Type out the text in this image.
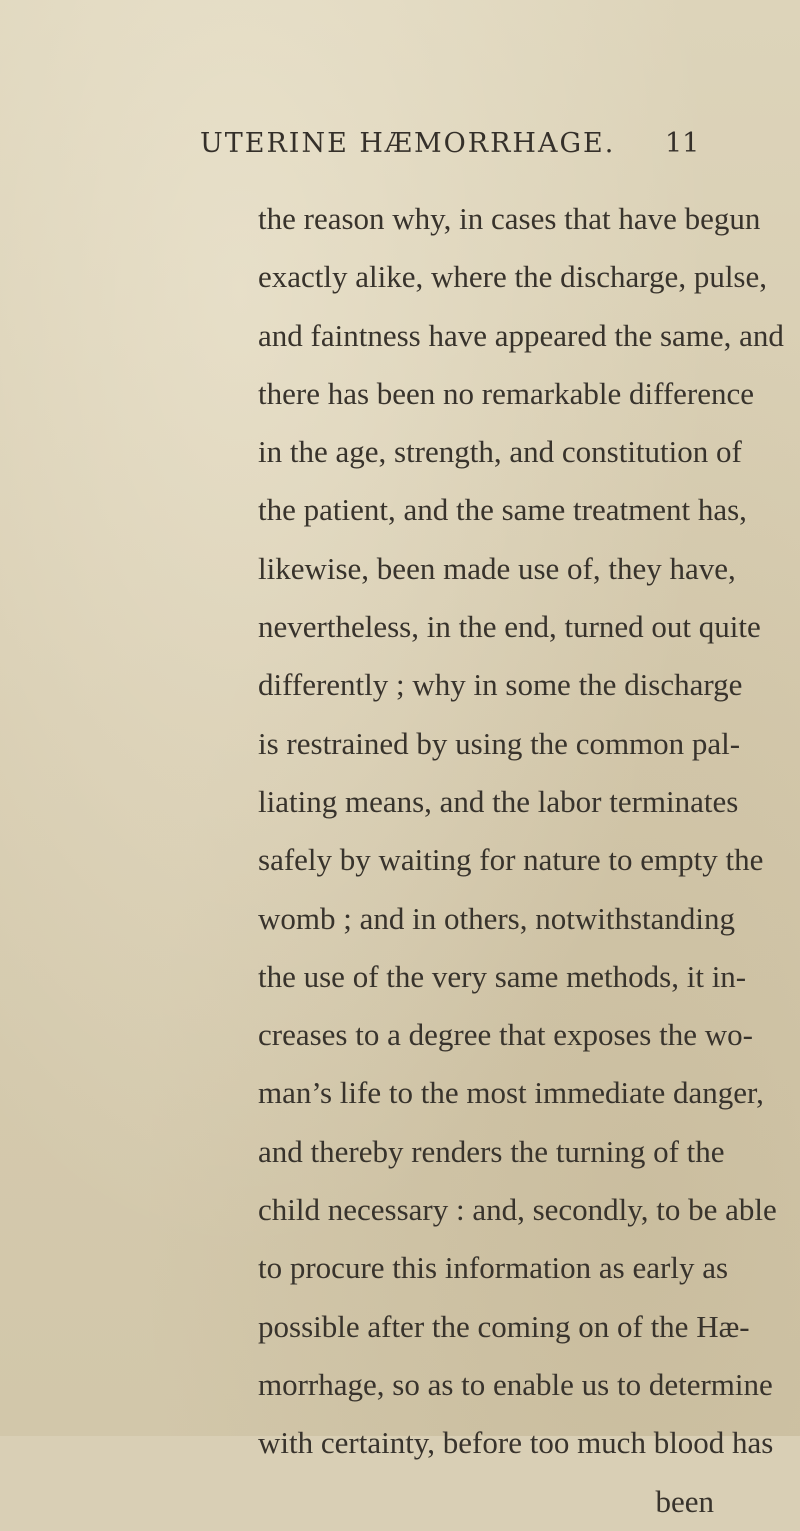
UTERINE HÆMORRHAGE. 11
the reason why, in cases that have begun
exactly alike, where the discharge, pulse,
and faintness have appeared the same, and
there has been no remarkable difference
in the age, strength, and constitution of
the patient, and the same treatment has,
likewise, been made use of, they have,
nevertheless, in the end, turned out quite
differently ; why in some the discharge
is restrained by using the common pal-
liating means, and the labor terminates
safely by waiting for nature to empty the
womb ; and in others, notwithstanding
the use of the very same methods, it in-
creases to a degree that exposes the wo-
man’s life to the most immediate danger,
and thereby renders the turning of the
child necessary : and, secondly, to be able
to procure this information as early as
possible after the coming on of the Hæ-
morrhage, so as to enable us to determine
with certainty, before too much blood has
been
